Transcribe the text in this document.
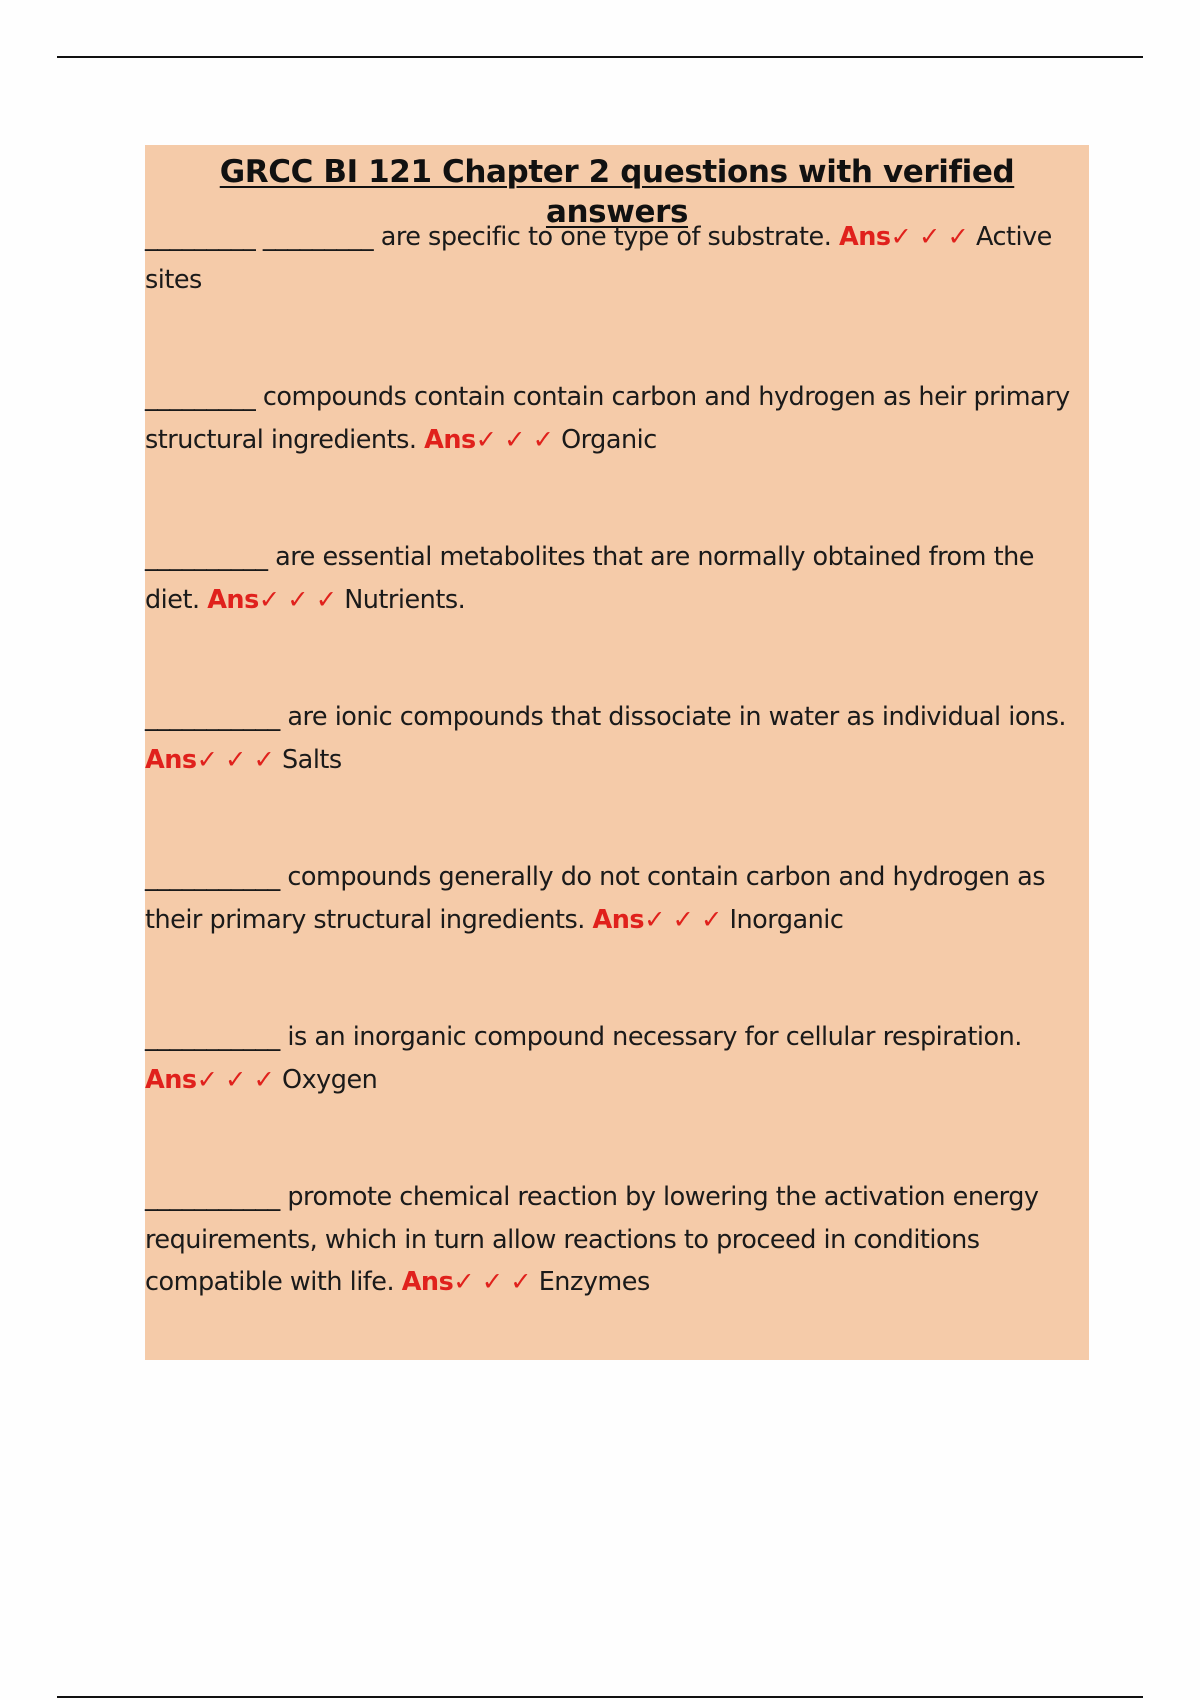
GRCC BI 121 Chapter 2 questions with verified answers

_________ _________ are specific to one type of substrate. Ans✓ ✓ ✓ Active sites

_________ compounds contain contain carbon and hydrogen as heir primary structural ingredients. Ans✓ ✓ ✓ Organic

__________ are essential metabolites that are normally obtained from the diet. Ans✓ ✓ ✓ Nutrients.

___________ are ionic compounds that dissociate in water as individual ions. Ans✓ ✓ ✓ Salts

___________ compounds generally do not contain carbon and hydrogen as their primary structural ingredients. Ans✓ ✓ ✓ Inorganic

___________ is an inorganic compound necessary for cellular respiration. Ans✓ ✓ ✓ Oxygen

___________ promote chemical reaction by lowering the activation energy requirements, which in turn allow reactions to proceed in conditions compatible with life. Ans✓ ✓ ✓ Enzymes
